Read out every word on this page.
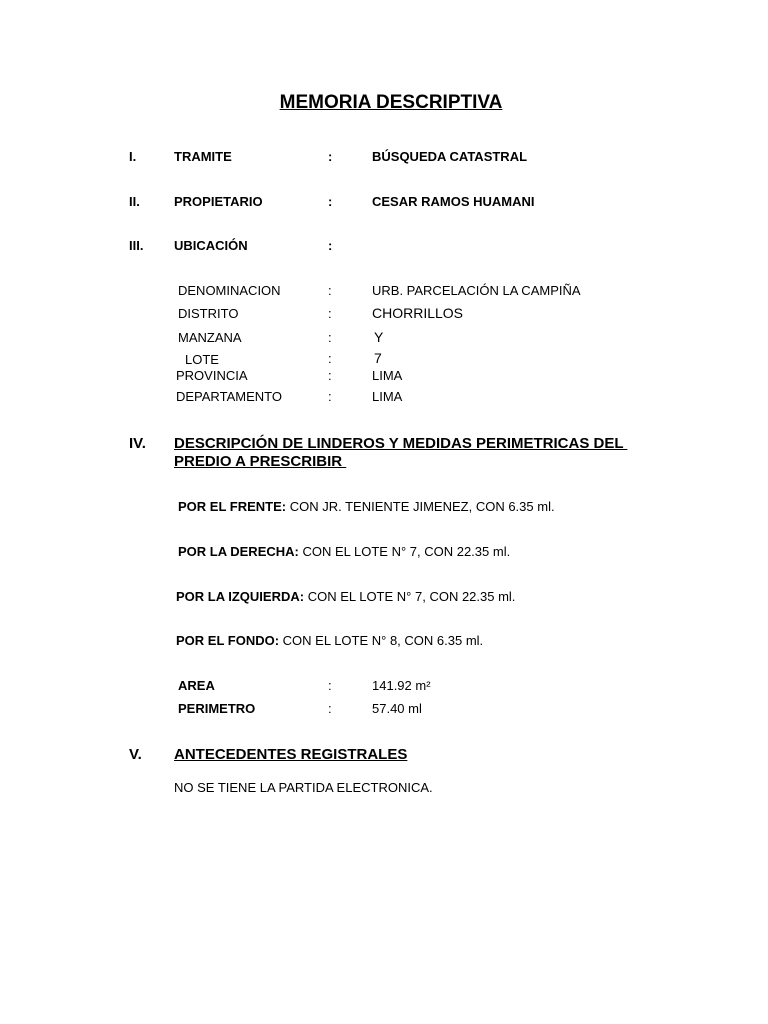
MEMORIA DESCRIPTIVA
I.	TRAMITE	:	BÚSQUEDA CATASTRAL
II.	PROPIETARIO	:	CESAR RAMOS HUAMANI
III. UBICACIÓN	:
DENOMINACION	:	URB. PARCELACIÓN LA CAMPIÑA
DISTRITO	:	CHORRILLOS
MANZANA	:	Y
LOTE	:	7
PROVINCIA	:	LIMA
DEPARTAMENTO	:	LIMA
IV. DESCRIPCIÓN DE LINDEROS Y MEDIDAS PERIMETRICAS DEL
PREDIO A PRESCRIBIR
POR EL FRENTE: CON JR. TENIENTE JIMENEZ, CON 6.35 ml.
POR LA DERECHA: CON EL LOTE N° 7, CON 22.35 ml.
POR LA IZQUIERDA: CON EL LOTE N° 7, CON 22.35 ml.
POR EL FONDO: CON EL LOTE N° 8, CON 6.35 ml.
AREA	:	141.92 m²
PERIMETRO	:	57.40 ml
V. ANTECEDENTES REGISTRALES
NO SE TIENE LA PARTIDA ELECTRONICA.
